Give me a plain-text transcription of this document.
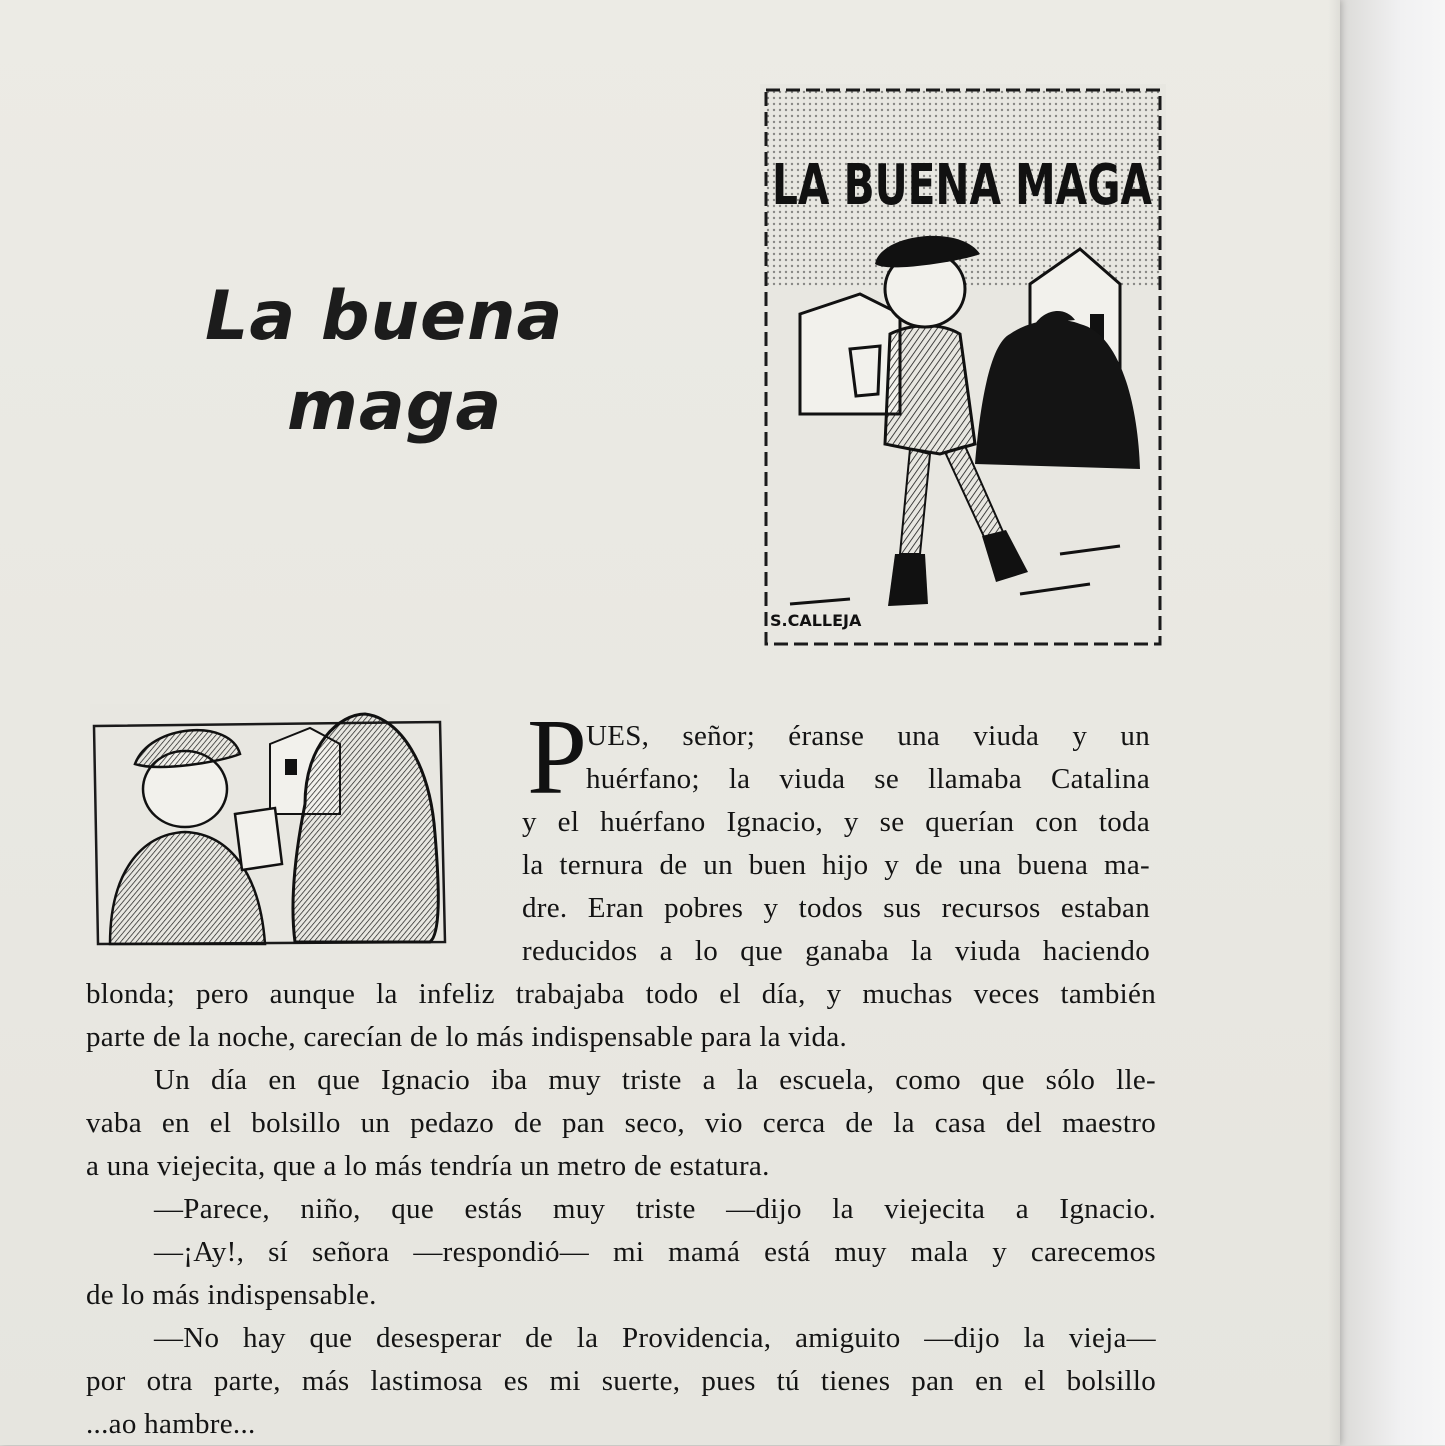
La buena
maga
LA BUENA MAGA
S.CALLEJA
P
UES, señor; éranse una viuda y un
huérfano; la viuda se llamaba Catalina
y el huérfano Ignacio, y se querían con toda
la ternura de un buen hijo y de una buena ma-
dre. Eran pobres y todos sus recursos estaban
reducidos a lo que ganaba la viuda haciendo
blonda; pero aunque la infeliz trabajaba todo el día, y muchas veces también
parte de la noche, carecían de lo más indispensable para la vida.
Un día en que Ignacio iba muy triste a la escuela, como que sólo lle-
vaba en el bolsillo un pedazo de pan seco, vio cerca de la casa del maestro
a una viejecita, que a lo más tendría un metro de estatura.
—Parece, niño, que estás muy triste —dijo la viejecita a Ignacio.
—¡Ay!, sí señora —respondió— mi mamá está muy mala y carecemos
de lo más indispensable.
—No hay que desesperar de la Providencia, amiguito —dijo la vieja—
por otra parte, más lastimosa es mi suerte, pues tú tienes pan en el bolsillo
...ao hambre...
